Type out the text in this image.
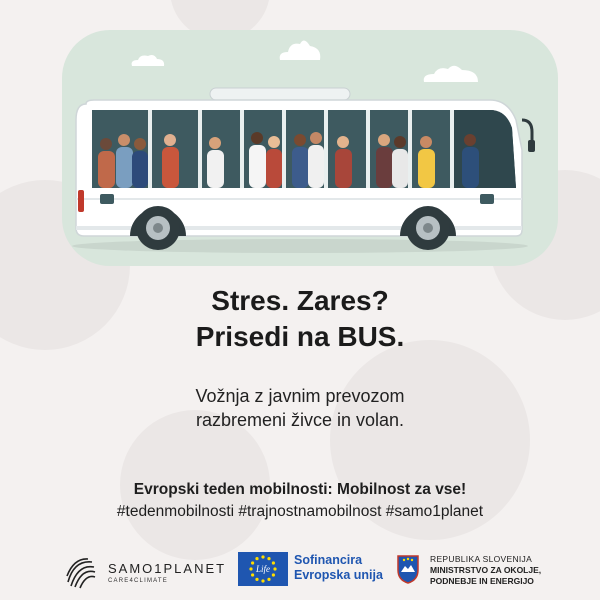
Stres. Zares?
Prisedi na BUS.
Vožnja z javnim prevozom
razbremeni živce in volan.
Evropski teden mobilnosti: Mobilnost za vse!
#tedenmobilnosti #trajnostnamobilnost #samo1planet
SAMO1PLANET
CARE4CLIMATE
Life
Sofinancira
Evropska unija
REPUBLIKA SLOVENIJA
MINISTRSTVO ZA OKOLJE,
PODNEBJE IN ENERGIJO
